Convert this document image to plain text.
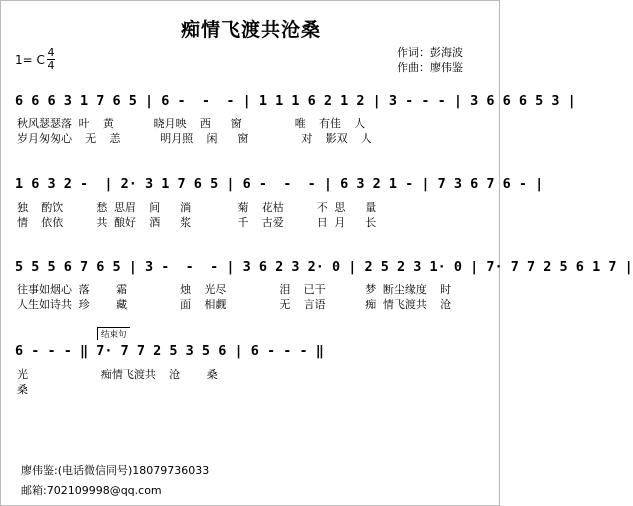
痴情飞渡共沧桑
作词：彭海波
作曲：廖伟鉴
1= C
4
4
6 6 6 3 1 7 6 5 | 6 -  -  - | 1 1 1 6 2 1 2 | 3 - - - | 3 6 6 6 5 3 |
秋风瑟瑟落 叶  黄      晓月映  西   窗        唯  有佳  人
岁月匆匆心  无  恙      明月照  闲   窗        对  影双  人
1 6 3 2 -  | 2· 3 1 7 6 5 | 6 -  -  - | 6 3 2 1 - | 7 3 6 7 6 - |
独  酌饮     愁 思眉  间   淌       菊  花枯     不 思   量
情  依依     共 酿好  酒   浆       千  古爱     日 月   长
5 5 5 6 7 6 5 | 3 -  -  - | 3 6 2 3 2· 0 | 2 5 2 3 1· 0 | 7· 7 7 2 5 6 1 7 |
往事如烟心 落    霜        烛  光尽        泪  已干      梦 断尘缘度  时
人生如诗共 珍    藏        面  相觑        无  言语      痴 情飞渡共  沧
结束句
6 - - - ‖ 7· 7 7 2 5 3 5 6 | 6 - - - ‖
光           痴情飞渡共  沧    桑
桑
廖伟鉴:(电话微信同号)18079736033
邮箱:702109998@qq.com
